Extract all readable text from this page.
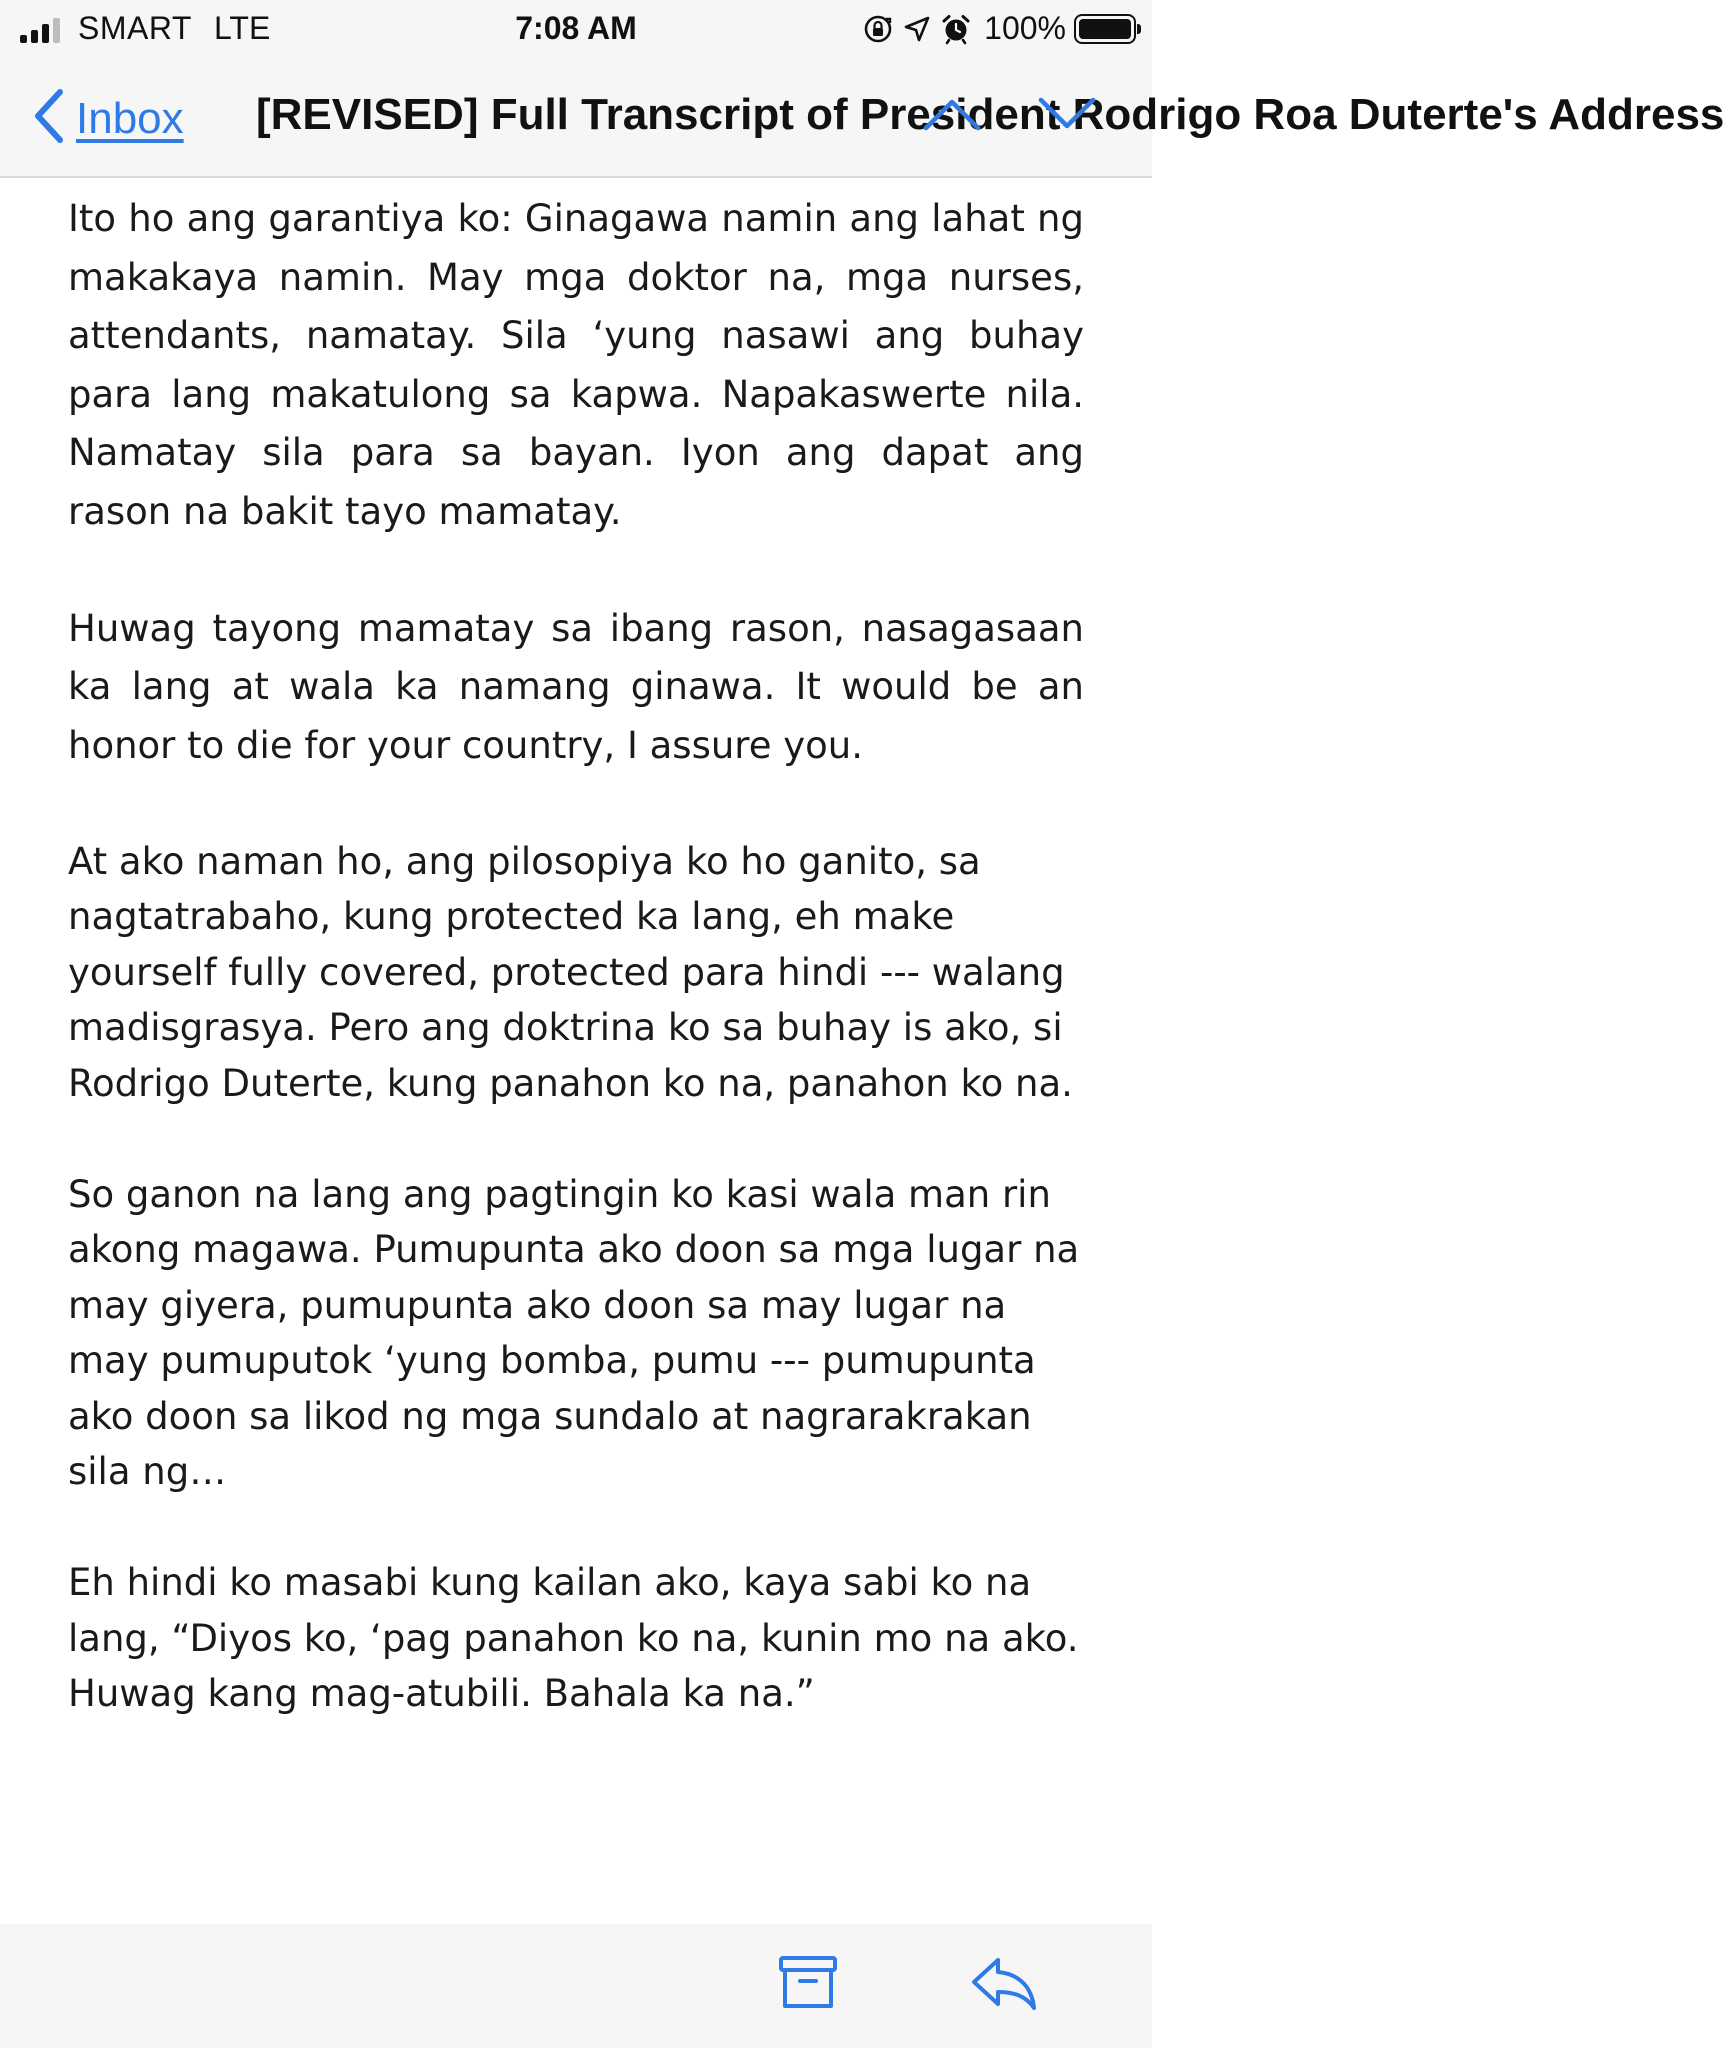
SMART LTE	7:08 AM	100%
Inbox [REVISED] Full Transcript of President Rodrigo Roa Duterte's Address

Ito ho ang garantiya ko: Ginagawa namin ang lahat ng makakaya namin. May mga doktor na, mga nurses, attendants, namatay. Sila ‘yung nasawi ang buhay para lang makatulong sa kapwa. Napakaswerte nila. Namatay sila para sa bayan. Iyon ang dapat ang rason na bakit tayo mamatay.

Huwag tayong mamatay sa ibang rason, nasagasaan ka lang at wala ka namang ginawa. It would be an honor to die for your country, I assure you.

At ako naman ho, ang pilosopiya ko ho ganito, sa nagtatrabaho, kung protected ka lang, eh make yourself fully covered, protected para hindi --- walang madisgrasya. Pero ang doktrina ko sa buhay is ako, si Rodrigo Duterte, kung panahon ko na, panahon ko na.

So ganon na lang ang pagtingin ko kasi wala man rin akong magawa. Pumupunta ako doon sa mga lugar na may giyera, pumupunta ako doon sa may lugar na may pumuputok ‘yung bomba, pumu --- pumupunta ako doon sa likod ng mga sundalo at nagrarakrakan sila ng…

Eh hindi ko masabi kung kailan ako, kaya sabi ko na lang, “Diyos ko, ‘pag panahon ko na, kunin mo na ako. Huwag kang mag-atubili. Bahala ka na.”
